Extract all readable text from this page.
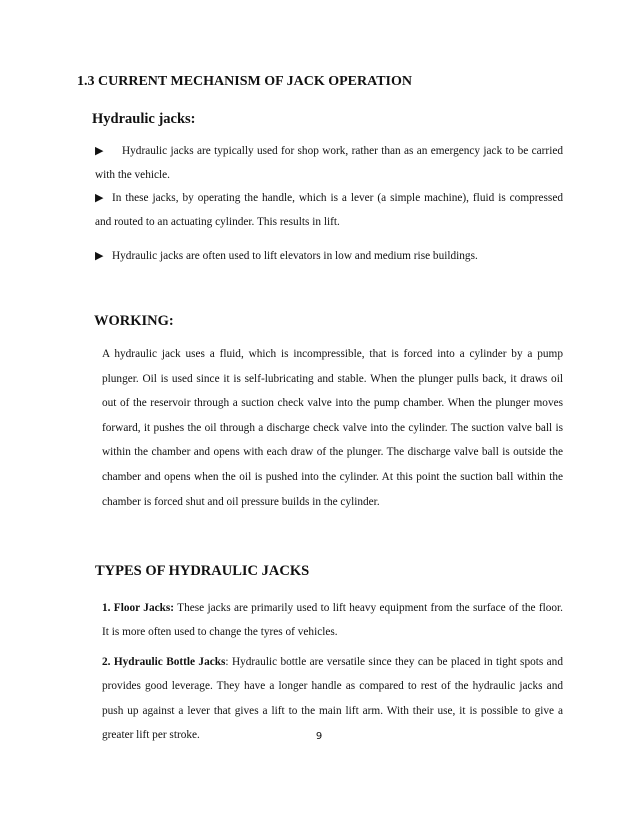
1.3 CURRENT MECHANISM OF JACK OPERATION
Hydraulic jacks:
▶	Hydraulic jacks are typically used for shop work, rather than as an emergency jack to be carried with the vehicle.
▶ In these jacks, by operating the handle, which is a lever (a simple machine), fluid is compressed and routed to an actuating cylinder. This results in lift.
▶ Hydraulic jacks are often used to lift elevators in low and medium rise buildings.
WORKING:
A hydraulic jack uses a fluid, which is incompressible, that is forced into a cylinder by a pump plunger. Oil is used since it is self-lubricating and stable. When the plunger pulls back, it draws oil out of the reservoir through a suction check valve into the pump chamber. When the plunger moves forward, it pushes the oil through a discharge check valve into the cylinder. The suction valve ball is within the chamber and opens with each draw of the plunger. The discharge valve ball is outside the chamber and opens when the oil is pushed into the cylinder. At this point the suction ball within the chamber is forced shut and oil pressure builds in the cylinder.
TYPES OF HYDRAULIC JACKS
1. Floor Jacks: These jacks are primarily used to lift heavy equipment from the surface of the floor. It is more often used to change the tyres of vehicles.
2. Hydraulic Bottle Jacks: Hydraulic bottle are versatile since they can be placed in tight spots and provides good leverage. They have a longer handle as compared to rest of the hydraulic jacks and push up against a lever that gives a lift to the main lift arm. With their use, it is possible to give a greater lift per stroke.	9
